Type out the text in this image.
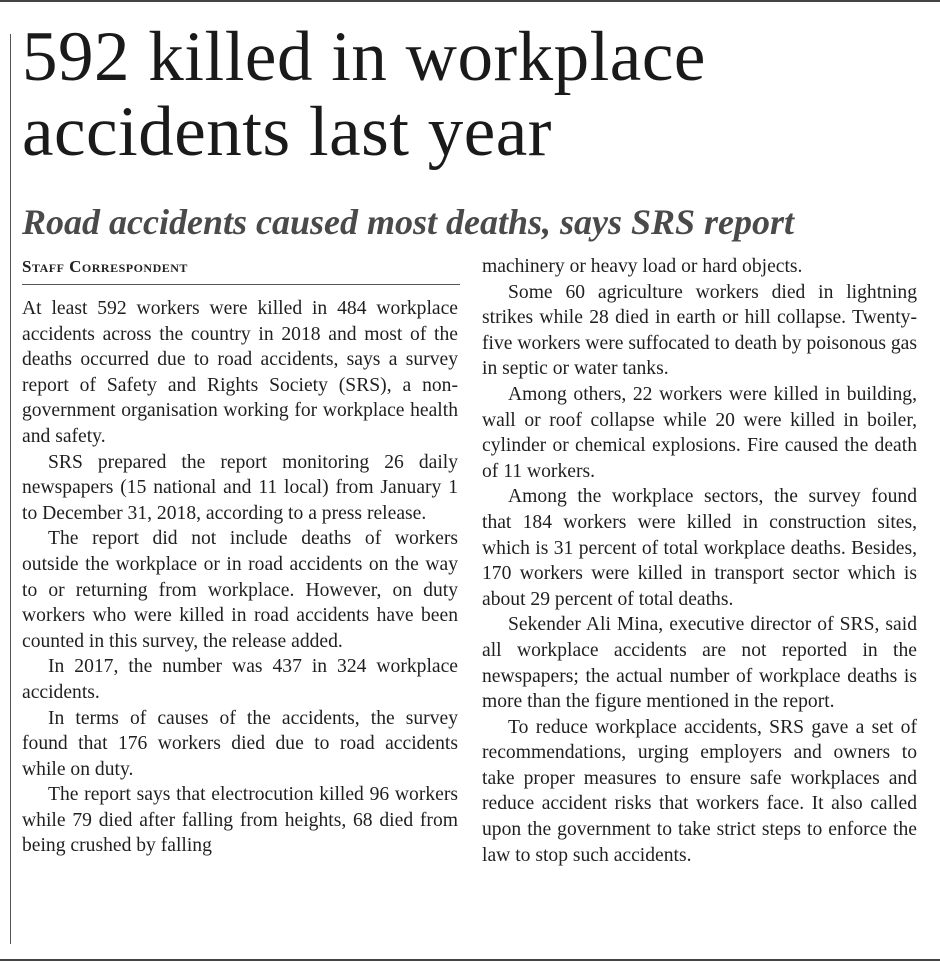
592 killed in workplace accidents last year
Road accidents caused most deaths, says SRS report
Staff Correspondent

At least 592 workers were killed in 484 workplace accidents across the country in 2018 and most of the deaths occurred due to road accidents, says a survey report of Safety and Rights Society (SRS), a non-government organisation working for workplace health and safety.

SRS prepared the report monitoring 26 daily newspapers (15 national and 11 local) from January 1 to December 31, 2018, according to a press release.

The report did not include deaths of workers outside the workplace or in road accidents on the way to or returning from workplace. However, on duty workers who were killed in road accidents have been counted in this survey, the release added.

In 2017, the number was 437 in 324 workplace accidents.

In terms of causes of the accidents, the survey found that 176 workers died due to road accidents while on duty.

The report says that electrocution killed 96 workers while 79 died after falling from heights, 68 died from being crushed by falling

machinery or heavy load or hard objects.

Some 60 agriculture workers died in lightning strikes while 28 died in earth or hill collapse. Twenty-five workers were suffocated to death by poisonous gas in septic or water tanks.

Among others, 22 workers were killed in building, wall or roof collapse while 20 were killed in boiler, cylinder or chemical explosions. Fire caused the death of 11 workers.

Among the workplace sectors, the survey found that 184 workers were killed in construction sites, which is 31 percent of total workplace deaths. Besides, 170 workers were killed in transport sector which is about 29 percent of total deaths.

Sekender Ali Mina, executive director of SRS, said all workplace accidents are not reported in the newspapers; the actual number of workplace deaths is more than the figure mentioned in the report.

To reduce workplace accidents, SRS gave a set of recommendations, urging employers and owners to take proper measures to ensure safe workplaces and reduce accident risks that workers face. It also called upon the government to take strict steps to enforce the law to stop such accidents.
